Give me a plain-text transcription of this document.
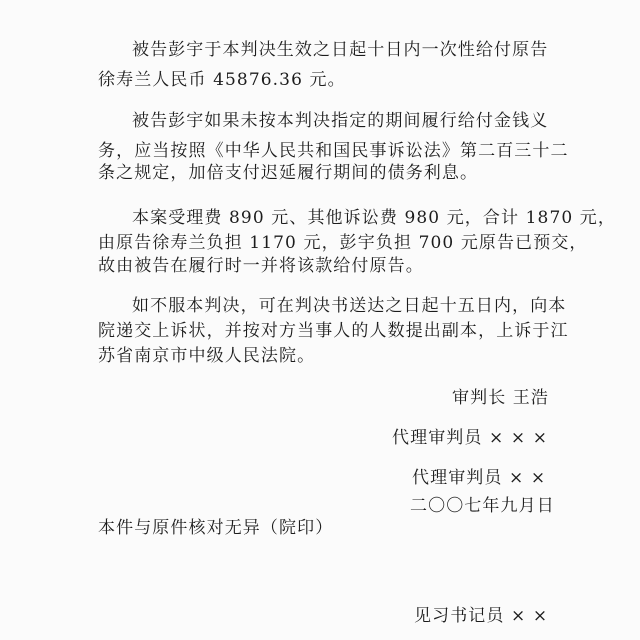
被告彭宇于本判决生效之日起十日内一次性给付原告
徐寿兰人民币 45876.36 元。
被告彭宇如果未按本判决指定的期间履行给付金钱义
务，应当按照《中华人民共和国民事诉讼法》第二百三十二
条之规定，加倍支付迟延履行期间的债务利息。
本案受理费 890 元、其他诉讼费 980 元，合计 1870 元，
由原告徐寿兰负担 1170 元，彭宇负担 700 元原告已预交，
故由被告在履行时一并将该款给付原告。
如不服本判决，可在判决书送达之日起十五日内，向本
院递交上诉状，并按对方当事人的人数提出副本，上诉于江
苏省南京市中级人民法院。
审判长 王浩
代理审判员 × × ×
代理审判员 × ×
二〇〇七年九月日
本件与原件核对无异（院印）
见习书记员 × ×
